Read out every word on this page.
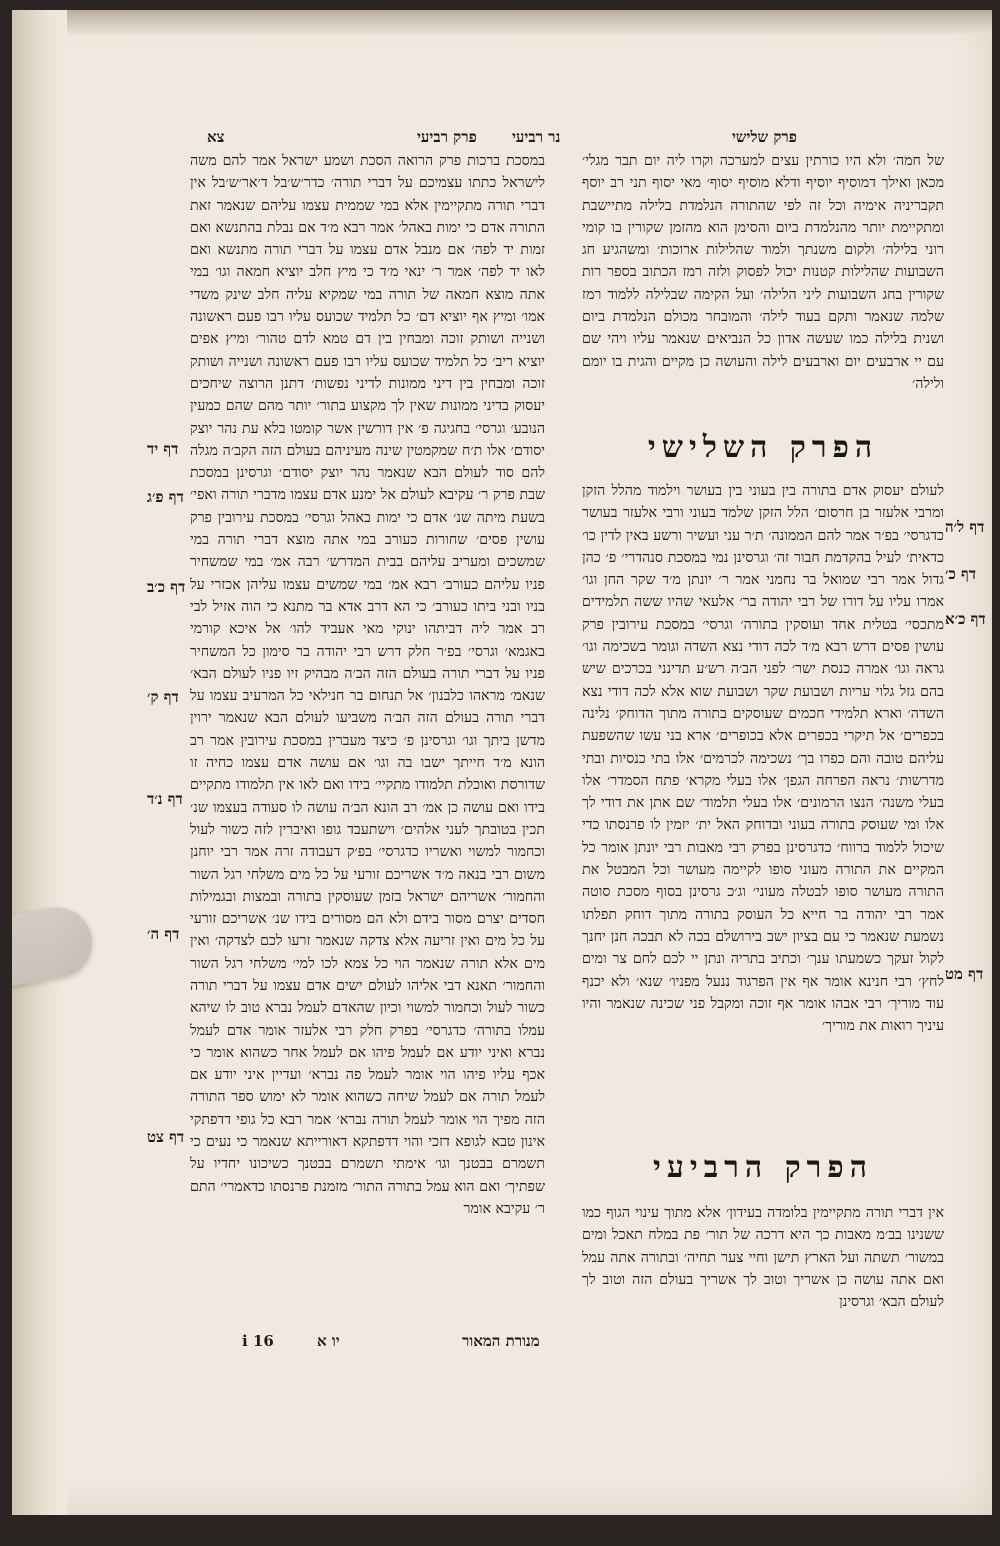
צא	פרק רביעי נר רביעי	פרק שלישי

במסכת ברכות פרק הרואה הסכת ושמע ישראל אמר להם משה לישראל כתתו עצמיכם על דברי תורה׳ כדר׳ש׳בל ד׳אר׳ש׳בל אין דברי תורה מתקיימין אלא במי שממית עצמו עליהם שנאמר זאת התורה אדם כי ימות באהל׳ אמר רבא מ׳ד אם נבלת בהתנשא ואם זמות יד לפה׳ אם מנבל אדם עצמו על דברי תורה מתנשא ואם לאו יד לפה׳ אמר ר׳ ינאי מ׳ד כי מיץ חלב יוציא חמאה וגו׳ במי אתה מוצא חמאה של תורה במי שמקיא עליה חלב שינק משדי אמו׳ ומיץ אף יוציא דם׳ כל תלמיד שכועס עליו רבו פעם ראשונה ושנייה ושותק זוכה ומבחין בין דם טמא לדם טהור׳ ומיץ אפים יוציא ריב׳ כל תלמיד שכועס עליו רבו פעם ראשונה ושנייה ושותק זוכה ומבחין בין דיני ממונות לדיני נפשות׳ דתנן הרוצה שיחכים יעסוק בדיני ממונות שאין לך מקצוע בתור׳ יותר מהם שהם כמעין הנובע׳ וגרסי׳ בחגיגה פ׳ אין דורשין אשר קומטו בלא עת נהר יוצק יסודם׳ אלו ת׳ח שמקמטין שינה מעיניהם בעולם הזה הקב׳ה מגלה להם סוד לעולם הבא שנאמר נהר יוצק יסודם׳ וגרסינן במסכת שבת פרק ר׳ עקיבא לעולם אל ימנע אדם עצמו מדברי תורה ואפי׳ בשעת מיתה שנ׳ אדם כי ימות באהל וגרסי׳ במסכת עירובין פרק עושין פסים׳ שחורות כעורב במי אתה מוצא דברי תורה במי שמשכים ומעריב עליהם בבית המדרש׳ רבה אמ׳ במי שמשחיר פניו עליהם כעורב׳ רבא אמ׳ במי שמשים עצמו עליהן אכזרי על בניו ובני ביתו כעורב׳ כי הא דרב אדא בר מתנא כי הוה אזיל לבי רב אמר ליה דביתהו ינוקי מאי אעביד להו׳ אל איכא קורמי באגמא׳ וגרסי׳ בפ׳ר חלק דרש רבי יהודה בר סימון כל המשחיר פניו על דברי תורה בעולם הזה הב׳ה מבהיק זיו פניו לעולם הבא׳ שנאמ׳ מראהו כלבנון׳ אל תנחום בר חנילאי כל המרעיב עצמו על דברי תורה בעולם הזה הב׳ה משביעו לעולם הבא שנאמר ירוין מדשן ביתך וגו׳ וגרסינן פ׳ כיצד מעברין במסכת עירובין אמר רב הונא מ׳ד חייתך ישבו בה וגו׳ אם עושה אדם עצמו כחיה זו שדורסת ואוכלת תלמודו מתקיי׳ בידו ואם לאו אין תלמודו מתקיים בידו ואם עושה כן אמ׳ רב הונא הב׳ה עושה לו סעודה בעצמו שנ׳ תכין בטובתך לעני אלהים׳ וישתעבד גופו ואיברין לזה כשור לעול וכחמור למשוי ואשריו כדגרסי׳ בפ׳ק דעבודה זרה אמר רבי יוחנן משום רבי בנאה מ׳ד אשריכם זורעי על כל מים משלחי רגל השור והחמור׳ אשריהם ישראל בזמן שעוסקין בתורה ובמצות ובגמילות חסדים יצרם מסור בידם ולא הם מסורים בידו שנ׳ אשריכם זורעי על כל מים ואין זריעה אלא צדקה שנאמר זרעו לכם לצדקה׳ ואין מים אלא תורה שנאמר הוי כל צמא לכו למי׳ משלחי רגל השור והחמור׳ תאנא דבי אליהו לעולם ישים אדם עצמו על דברי תורה כשור לעול וכחמור למשוי וכיון שהאדם לעמל נברא טוב לו שיהא עמלו בתורה׳ כדגרסי׳ בפרק חלק רבי אלעזר אומר אדם לעמל נברא ואיני יודע אם לעמל פיהו אם לעמל אחר כשהוא אומר כי אכף עליו פיהו הוי אומר לעמל פה נברא׳ ועדיין איני יודע אם לעמל תורה אם לעמל שיחה כשהוא אומר לא ימוש ספר התורה הזה מפיך הוי אומר לעמל תורה נברא׳ אמר רבא כל גופי דדפתקי אינון טבא לגופא דזכי והוי דדפתקא דאורייתא שנאמר כי נעים כי תשמרם בבטנך וגו׳ אימתי תשמרם בבטנך כשיכונו יחדיו על שפתיך׳ ואם הוא עמל בתורה התור׳ מזמנת פרנסתו כדאמרי׳ התם ר׳ עקיבא אומר

של חמה׳ ולא היו כורתין עצים למערכה וקרו ליה יום תבר מגלי׳ מכאן ואילך דמוסיף יוסיף ודלא מוסיף יסוף׳ מאי יסוף תני רב יוסף תקבריניה אימיה וכל זה לפי שהתורה הנלמדת בלילה מתיישבת ומתקיימת יותר מהנלמדת ביום והסימן הוא מהזמן שקורין בו קומי רוני בלילה׳ ולקום משנתך ולמוד שהלילות ארוכות׳ ומשהגיע חג השבועות שהלילות קטנות יכול לפסוק ולזה רמז הכתוב בספר רות שקורין בחג השבועות ליני הלילה׳ ועל הקימה שבלילה ללמוד רמז שלמה שנאמר ותקם בעוד לילה׳ והמובחר מכולם הנלמדת ביום ושנית בלילה כמו שעשה אדון כל הנביאים שנאמר עליו ויהי שם עם יי ארבעים יום וארבעים לילה והעושה כן מקיים והגית בו יומם ולילה׳

הפרק השלישי

לעולם יעסוק אדם בתורה בין בעוני בין בעושר וילמוד מהלל הזקן ומרבי אלעזר בן חרסום׳ הלל הזקן שלמד בעוני ורבי אלעזר בעושר כדגרסי׳ בפ׳ר אמר להם הממונה׳ ת׳ר עני ועשיר ורשע באין לדין כו׳ כדאית׳ לעיל בהקדמת חבור זה׳ וגרסינן נמי במסכת סנהדרי׳ פ׳ כהן גדול אמר רבי שמואל בר נחמני אמר ר׳ יונתן מ׳ד שקר החן וגו׳ אמרו עליו על דורו של רבי יהודה בר׳ אלעאי שהיו ששה תלמידים מתכסי׳ בטלית אחד ועוסקין בתורה׳ וגרסי׳ במסכת עירובין פרק עושין פסים דרש רבא מ׳ד לכה דודי נצא השדה וגומר בשכימה וגו׳ גראה וגו׳ אמרה כנסת ישר׳ לפני הב׳ה רש׳ע תדינני בכרכים שיש בהם גזל גלוי עריות ושבועת שקר ושבועת שוא אלא לכה דודי נצא השדה׳ וארא תלמידי חכמים שעוסקים בתורה מתוך הדוחק׳ נלינה בכפרים׳ אל תיקרי בכפרים אלא בכופרים׳ ארא בני עשו שהשפעת עליהם טובה והם כפרו בך׳ נשכימה לכרמים׳ אלו בתי כנסיות ובתי מדרשות׳ נראה הפרחה הגפן׳ אלו בעלי מקרא׳ פתח הסמדר׳ אלו בעלי משנה׳ הנצו הרמונים׳ אלו בעלי תלמוד׳ שם אתן את דודי לך אלו ומי שעוסק בתורה בעוני ובדוחק האל ית׳ יזמין לו פרנסתו כדי שיכול ללמוד ברווח׳ כדגרסינן בפרק רבי מאבות רבי יונתן אומר כל המקיים את התורה מעוני סופו לקיימה מעושר וכל המבטל את התורה מעושר סופו לבטלה מעוני׳ וג׳כ גרסינן בסוף מסכת סוטה אמר רבי יהודה בר חייא כל העוסק בתורה מתוך דוחק תפלתו נשמעת שנאמר כי עם בציון ישב בירושלם בכה לא תבכה חנן יחנך לקול זעקך כשמעתו ענך׳ וכתיב בתריה ונתן יי לכם לחם צר ומים לחץ׳ רבי חנינא אומר אף אין הפרגוד ננעל מפניו׳ שנא׳ ולא יכנף עוד מוריך׳ רבי אבהו אומר אף זוכה ומקבל פני שכינה שנאמר והיו עיניך רואות את מוריך׳

הפרק הרביעי

אין דברי תורה מתקיימין בלומדה בעידון׳ אלא מתוך עינוי הגוף כמו ששנינו בב׳מ מאבות כך היא דרכה של תור׳ פת במלח תאכל ומים במשור׳ תשתה ועל הארץ תישן וחיי צער תחיה׳ ובתורה אתה עמל ואם אתה עושה כן אשריך וטוב לך אשריך בעולם הזה וטוב לך לעולם הבא׳ וגרסינן

דף יד
דף פ׳ג
דף כ׳ב
דף ק׳
דף נ׳ד
דף ה׳
דף צט
דף ל׳ה
דף כ׳
דף כ׳א
דף מט
i 16	יו א	מנורת המאור
